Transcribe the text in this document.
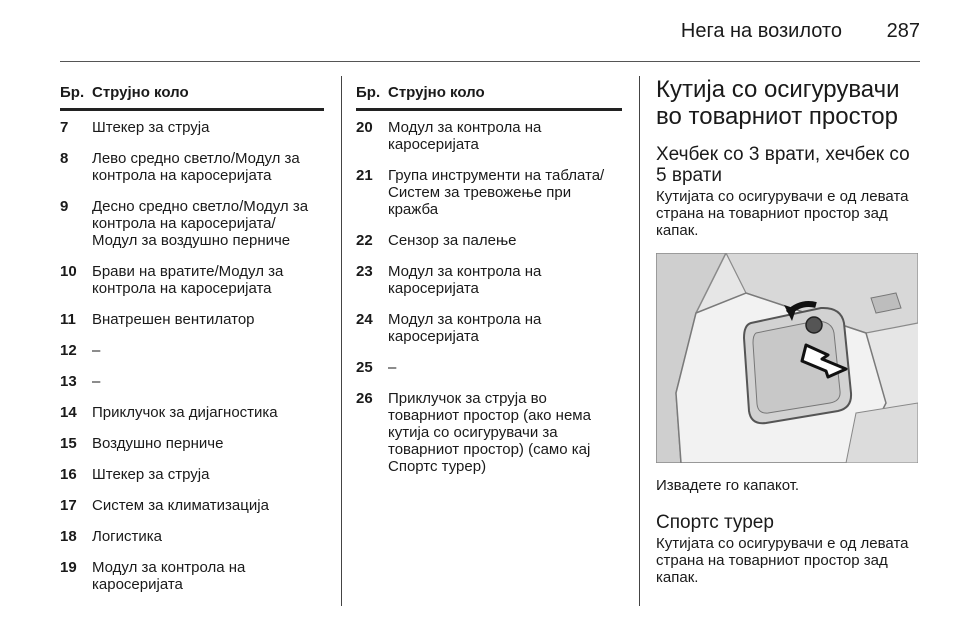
Нега на возилото 287
Бр. Струјно коло
7	Штекер за струја
8	Лево средно светло/Модул за контрола на каросеријата
9	Десно средно светло/Модул за контрола на каросеријата/ Модул за воздушно перниче
10	Брави на вратите/Модул за контрола на каросеријата
11	Внатрешен вентилатор
12	–
13	–
14	Приклучок за дијагностика
15	Воздушно перниче
16	Штекер за струја
17	Систем за климатизација
18	Логистика
19	Модул за контрола на каросеријата
Бр. Струјно коло
20	Модул за контрола на каросеријата
21	Група инструменти на таблата/Систем за тревожење при кражба
22	Сензор за палење
23	Модул за контрола на каросеријата
24	Модул за контрола на каросеријата
25	–
26	Приклучок за струја во товарниот простор (ако нема кутија со осигурувачи за товарниот простор) (само кај Спортс турер)
Кутија со осигурувачи во товарниот простор
Хечбек со 3 врати, хечбек со 5 врати
Кутијата со осигурувачи е од левата страна на товарниот простор зад капак.
Извадете го капакот.
Спортс турер
Кутијата со осигурувачи е од левата страна на товарниот простор зад капак.
